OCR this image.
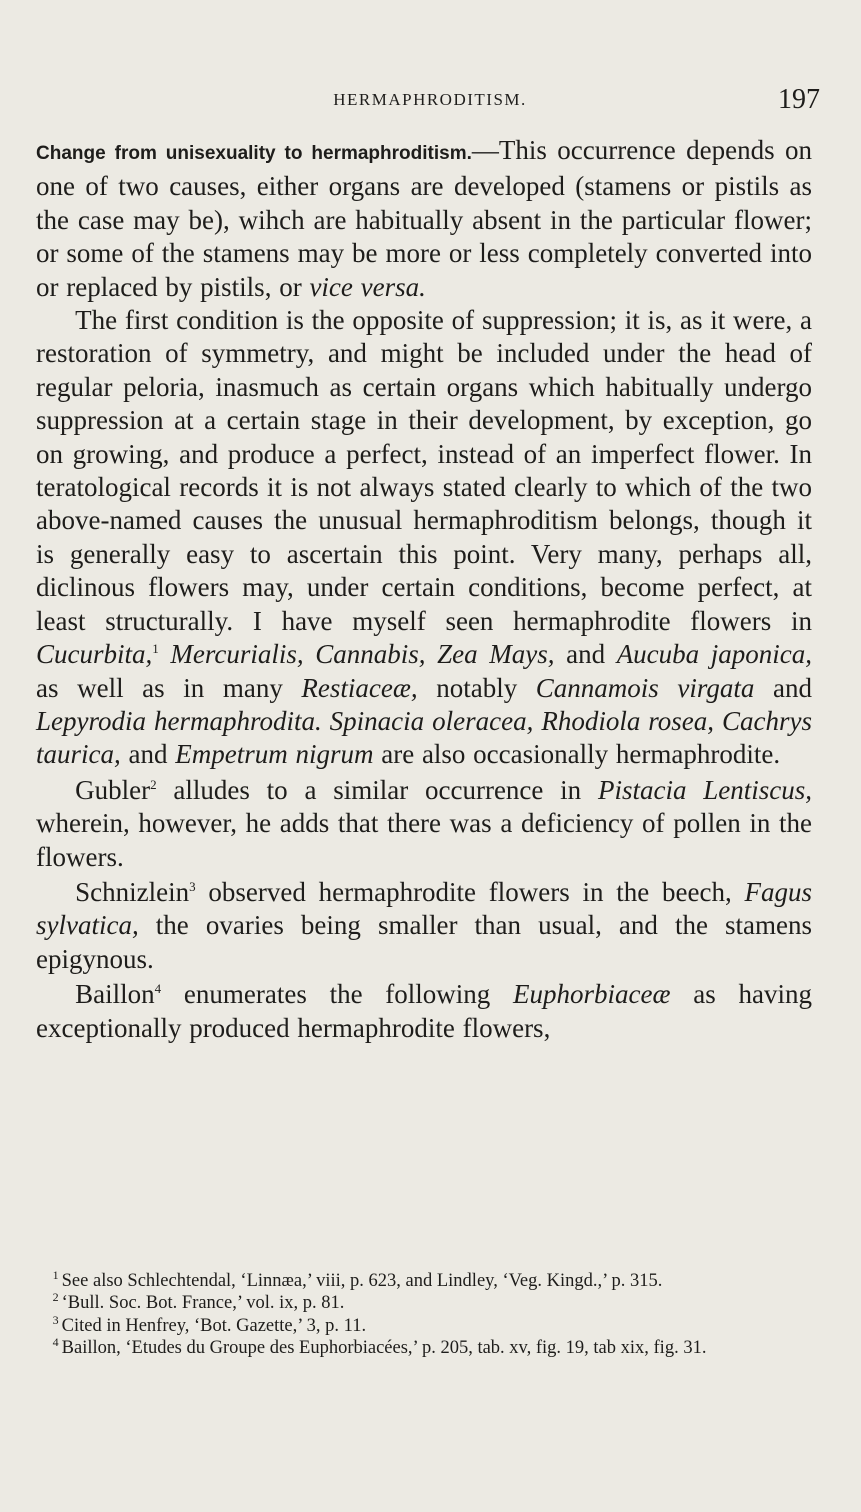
HERMAPHRODITISM.	197

Change from unisexuality to hermaphroditism.—This occurrence depends on one of two causes, either organs are developed (stamens or pistils as the case may be), wihch are habitually absent in the particular flower; or some of the stamens may be more or less completely converted into or replaced by pistils, or vice versa.

The first condition is the opposite of suppression; it is, as it were, a restoration of symmetry, and might be included under the head of regular peloria, inasmuch as certain organs which habitually undergo suppression at a certain stage in their development, by exception, go on growing, and produce a perfect, instead of an imperfect flower. In teratological records it is not always stated clearly to which of the two above-named causes the unusual hermaphroditism belongs, though it is generally easy to ascertain this point. Very many, perhaps all, diclinous flowers may, under certain conditions, become perfect, at least structurally. I have myself seen hermaphrodite flowers in Cucurbita,$^1$ Mercurialis, Cannabis, Zea Mays, and Aucuba japonica, as well as in many Restiaceæ, notably Cannamois virgata and Lepyrodia hermaphrodita. Spinacia oleracea, Rhodiola rosea, Cachrys taurica, and Empetrum nigrum are also occasionally hermaphrodite.

Gubler$^2$ alludes to a similar occurrence in Pistacia Lentiscus, wherein, however, he adds that there was a deficiency of pollen in the flowers.

Schnizlein$^3$ observed hermaphrodite flowers in the beech, Fagus sylvatica, the ovaries being smaller than usual, and the stamens epigynous.

Baillon$^4$ enumerates the following Euphorbiaceæ as having exceptionally produced hermaphrodite flowers,

$^1$ See also Schlechtendal, ‘Linnæa,’ viii, p. 623, and Lindley, ‘Veg. Kingd.,’ p. 315.

$^2$ ‘Bull. Soc. Bot. France,’ vol. ix, p. 81.

$^3$ Cited in Henfrey, ‘Bot. Gazette,’ 3, p. 11.

$^4$ Baillon, ‘Etudes du Groupe des Euphorbiacées,’ p. 205, tab. xv, fig. 19, tab xix, fig. 31.
